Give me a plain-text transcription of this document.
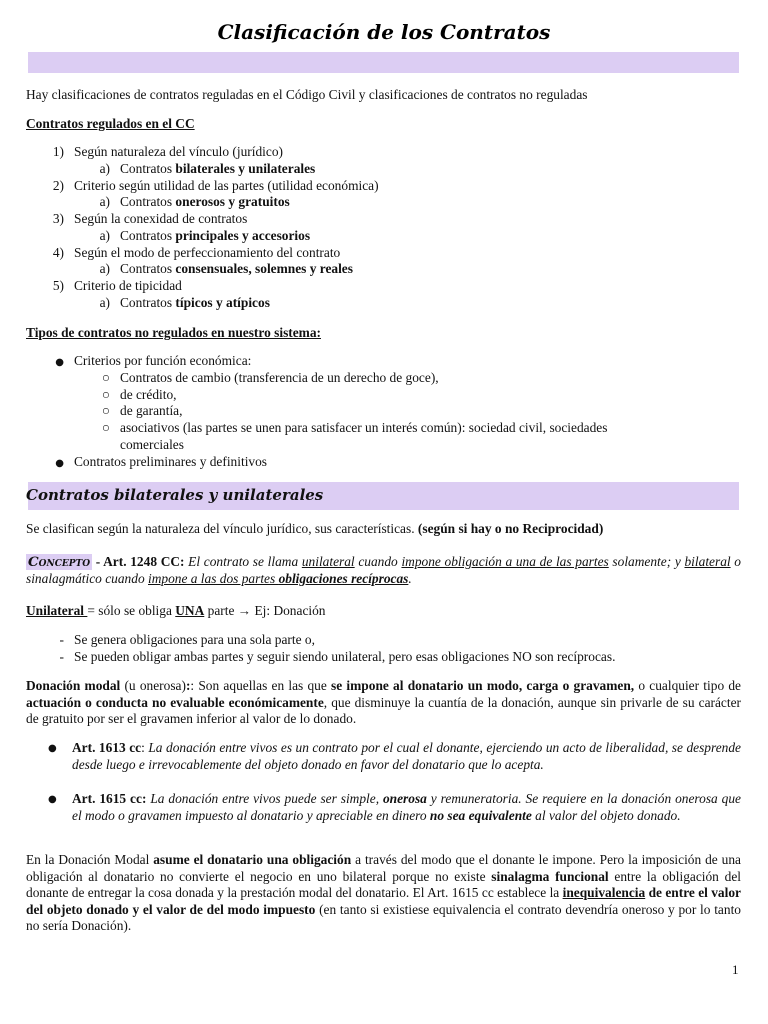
Clasificación de los Contratos
Hay clasificaciones de contratos reguladas en el Código Civil y clasificaciones de contratos no reguladas
Contratos regulados en el CC
1) Según naturaleza del vínculo (jurídico)
a) Contratos bilaterales y unilaterales
2) Criterio según utilidad de las partes (utilidad económica)
a) Contratos onerosos y gratuitos
3) Según la conexidad de contratos
a) Contratos principales y accesorios
4) Según el modo de perfeccionamiento del contrato
a) Contratos consensuales, solemnes y reales
5) Criterio de tipicidad
a) Contratos típicos y atípicos
Tipos de contratos no regulados en nuestro sistema:
● Criterios por función económica:
○ Contratos de cambio (transferencia de un derecho de goce),
○ de crédito,
○ de garantía,
○ asociativos (las partes se unen para satisfacer un interés común): sociedad civil, sociedades
comerciales
● Contratos preliminares y definitivos
Contratos bilaterales y unilaterales
Se clasifican según la naturaleza del vínculo jurídico, sus características. (según si hay o no Reciprocidad)
Concepto - Art. 1248 CC: El contrato se llama unilateral cuando impone obligación a una de las partes solamente; y bilateral o sinalagmático cuando impone a las dos partes obligaciones recíprocas.
Unilateral = sólo se obliga UNA parte → Ej: Donación
- Se genera obligaciones para una sola parte o,
- Se pueden obligar ambas partes y seguir siendo unilateral, pero esas obligaciones NO son recíprocas.
Donación modal (u onerosa):: Son aquellas en las que se impone al donatario un modo, carga o gravamen, o cualquier tipo de actuación o conducta no evaluable económicamente, que disminuye la cuantía de la donación, aunque sin privarle de su carácter de gratuito por ser el gravamen inferior al valor de lo donado.
● Art. 1613 cc: La donación entre vivos es un contrato por el cual el donante, ejerciendo un acto de liberalidad, se desprende desde luego e irrevocablemente del objeto donado en favor del donatario que lo acepta.
● Art. 1615 cc: La donación entre vivos puede ser simple, onerosa y remuneratoria. Se requiere en la donación onerosa que el modo o gravamen impuesto al donatario y apreciable en dinero no sea equivalente al valor del objeto donado.
En la Donación Modal asume el donatario una obligación a través del modo que el donante le impone. Pero la imposición de una obligación al donatario no convierte el negocio en uno bilateral porque no existe sinalagma funcional entre la obligación del donante de entregar la cosa donada y la prestación modal del donatario. El Art. 1615 cc establece la inequivalencia de entre el valor del objeto donado y el valor de del modo impuesto (en tanto si existiese equivalencia el contrato devendría oneroso y por lo tanto no sería Donación).
1
